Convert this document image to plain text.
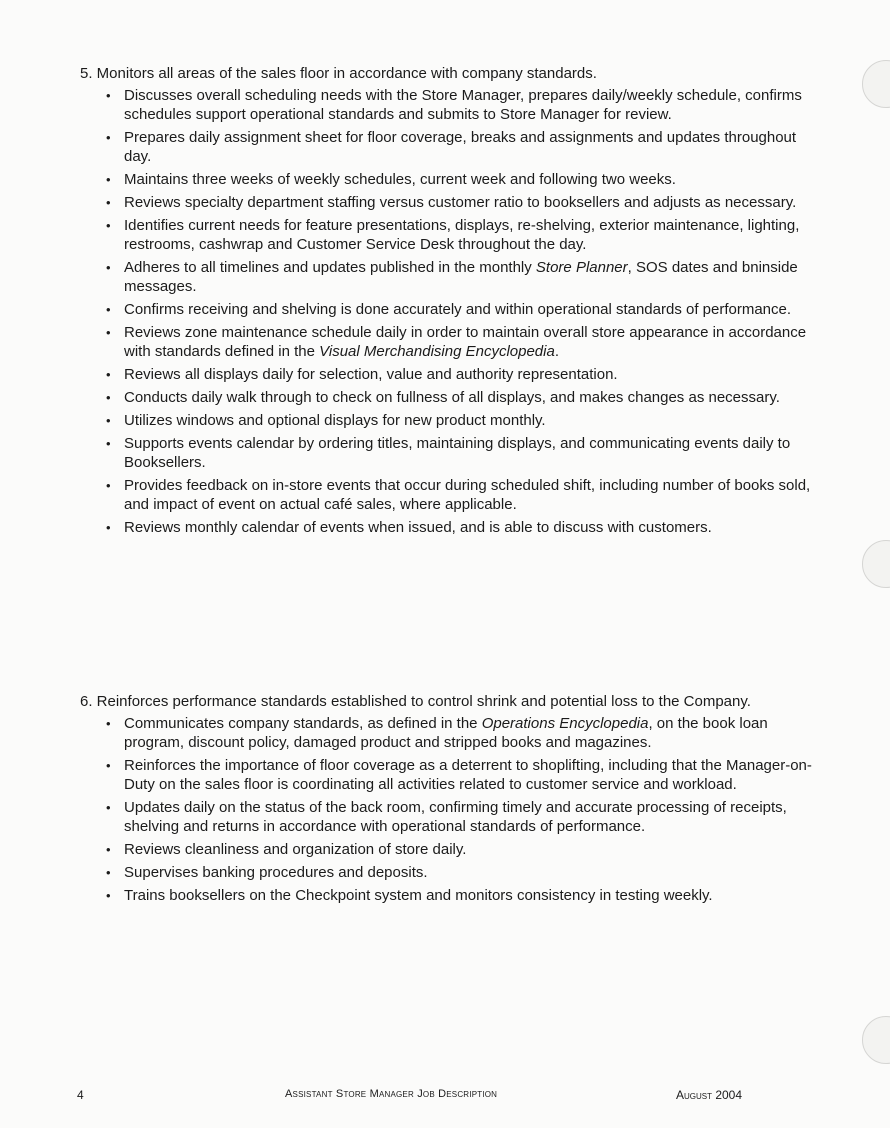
5. Monitors all areas of the sales floor in accordance with company standards.

• Discusses overall scheduling needs with the Store Manager, prepares daily/weekly schedule, confirms schedules support operational standards and submits to Store Manager for review.
• Prepares daily assignment sheet for floor coverage, breaks and assignments and updates throughout day.
• Maintains three weeks of weekly schedules, current week and following two weeks.
• Reviews specialty department staffing versus customer ratio to booksellers and adjusts as necessary.
• Identifies current needs for feature presentations, displays, re-shelving, exterior maintenance, lighting, restrooms, cashwrap and Customer Service Desk throughout the day.
• Adheres to all timelines and updates published in the monthly Store Planner, SOS dates and bninside messages.
• Confirms receiving and shelving is done accurately and within operational standards of performance.
• Reviews zone maintenance schedule daily in order to maintain overall store appearance in accordance with standards defined in the Visual Merchandising Encyclopedia.
• Reviews all displays daily for selection, value and authority representation.
• Conducts daily walk through to check on fullness of all displays, and makes changes as necessary.
• Utilizes windows and optional displays for new product monthly.
• Supports events calendar by ordering titles, maintaining displays, and communicating events daily to Booksellers.
• Provides feedback on in-store events that occur during scheduled shift, including number of books sold, and impact of event on actual café sales, where applicable.
• Reviews monthly calendar of events when issued, and is able to discuss with customers.

6. Reinforces performance standards established to control shrink and potential loss to the Company.

• Communicates company standards, as defined in the Operations Encyclopedia, on the book loan program, discount policy, damaged product and stripped books and magazines.
• Reinforces the importance of floor coverage as a deterrent to shoplifting, including that the Manager-on-Duty on the sales floor is coordinating all activities related to customer service and workload.
• Updates daily on the status of the back room, confirming timely and accurate processing of receipts, shelving and returns in accordance with operational standards of performance.
• Reviews cleanliness and organization of store daily.
• Supervises banking procedures and deposits.
• Trains booksellers on the Checkpoint system and monitors consistency in testing weekly.
4	Assistant Store Manager Job Description	August 2004
